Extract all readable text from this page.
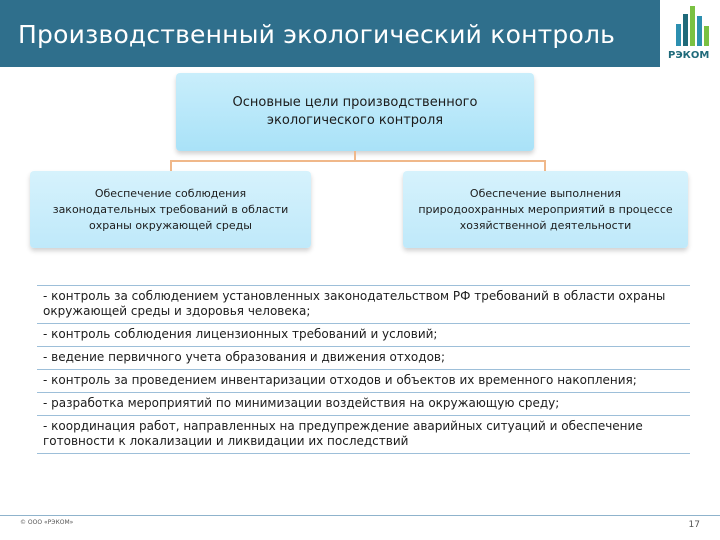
Производственный экологический контроль
РЭКОМ
Основные цели производственного экологического контроля
Обеспечение соблюдения законодательных требований в области охраны окружающей среды
Обеспечение выполнения природоохранных мероприятий в процессе хозяйственной деятельности
- контроль за соблюдением установленных законодательством РФ требований в области охраны окружающей среды и здоровья человека;
- контроль соблюдения лицензионных требований и условий;
- ведение первичного учета образования и движения отходов;
- контроль за проведением инвентаризации отходов и объектов их временного накопления;
- разработка мероприятий по минимизации воздействия на окружающую среду;
- координация работ, направленных на предупреждение аварийных ситуаций и обеспечение готовности к локализации и ликвидации их последствий
© ООО «РЭКОМ»	17
